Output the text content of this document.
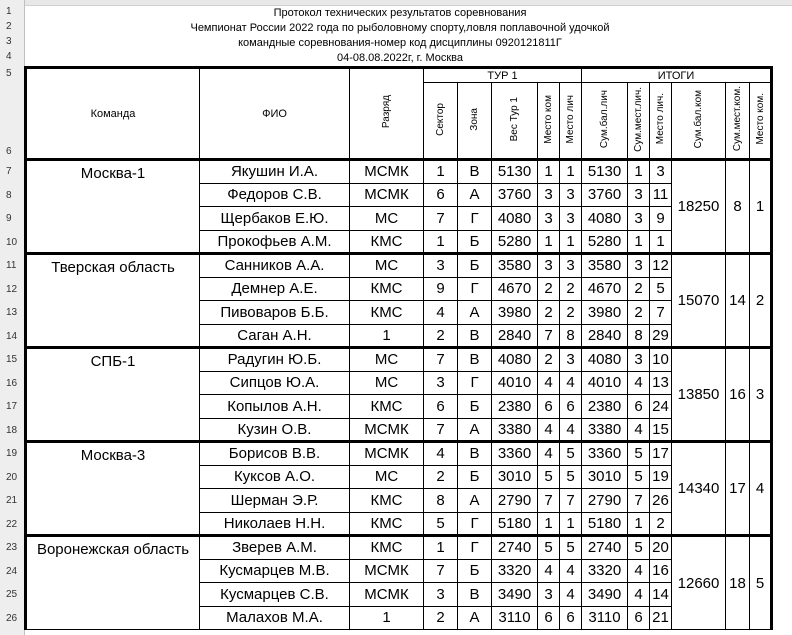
1
2
3
4
5
6
7
8
9
10
11
12
13
14
15
16
17
18
19
20
21
22
23
24
25
26
Протокол технических результатов соревнования
Чемпионат России 2022 года по рыболовному спорту,ловля поплавочной удочкой
командные соревнования-номер код дисциплины 0920121811Г
04-08.08.2022г, г. Москва
Команда	ФИО	Разряд	ТУР 1					ИТОГИ					
			Сектор	Зона	Вес Тур 1	Место ком	Место лич	Сум.бал.лич	Сум.мест.лич.	Место лич.	Сум.бал.ком	Сум.мест.ком.	Место ком.
Москва-1	Якушин И.А.	МСМК	1	В	5130	1	1	5130	1	3	18250	8	1
	Федоров С.В.	МСМК	6	А	3760	3	3	3760	3	11			
	Щербаков Е.Ю.	МС	7	Г	4080	3	3	4080	3	9			
	Прокофьев А.М.	КМС	1	Б	5280	1	1	5280	1	1			
Тверская область	Санников А.А.	МС	3	Б	3580	3	3	3580	3	12	15070	14	2
	Демнер А.Е.	КМС	9	Г	4670	2	2	4670	2	5			
	Пивоваров Б.Б.	КМС	4	А	3980	2	2	3980	2	7			
	Саган А.Н.	1	2	В	2840	7	8	2840	8	29			
СПБ-1	Радугин Ю.Б.	МС	7	В	4080	2	3	4080	3	10	13850	16	3
	Сипцов Ю.А.	МС	3	Г	4010	4	4	4010	4	13			
	Копылов А.Н.	КМС	6	Б	2380	6	6	2380	6	24			
	Кузин О.В.	МСМК	7	А	3380	4	4	3380	4	15			
Москва-3	Борисов В.В.	МСМК	4	В	3360	4	5	3360	5	17	14340	17	4
	Куксов А.О.	МС	2	Б	3010	5	5	3010	5	19			
	Шерман Э.Р.	КМС	8	А	2790	7	7	2790	7	26			
	Николаев Н.Н.	КМС	5	Г	5180	1	1	5180	1	2			
Воронежская область	Зверев А.М.	КМС	1	Г	2740	5	5	2740	5	20	12660	18	5
	Кусмарцев М.В.	МСМК	7	Б	3320	4	4	3320	4	16			
	Кусмарцев С.В.	МСМК	3	В	3490	3	4	3490	4	14			
	Малахов М.А.	1	2	А	3110	6	6	3110	6	21			
